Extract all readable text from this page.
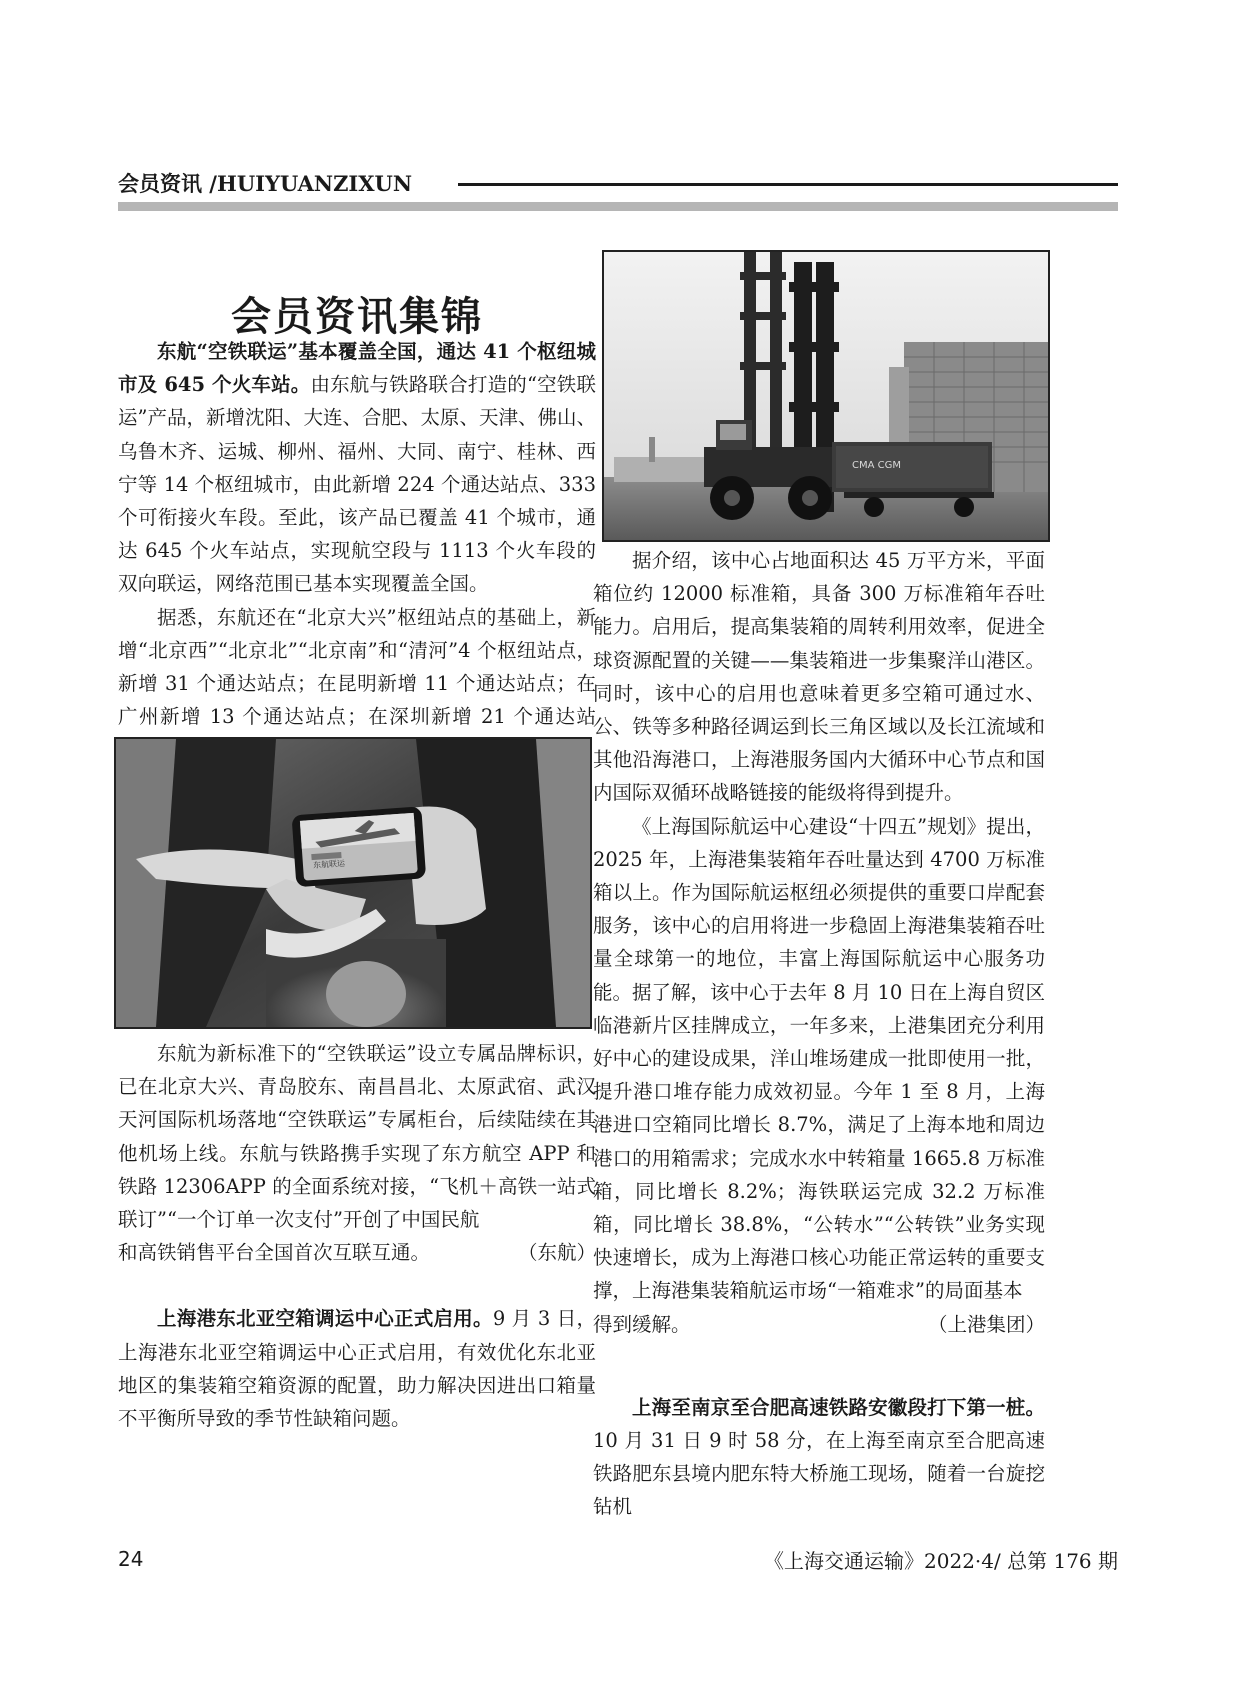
会员资讯 /HUIYUANZIXUN
会员资讯集锦

东航“空铁联运”基本覆盖全国，通达 41 个枢纽城市及 645 个火车站。由东航与铁路联合打造的“空铁联运”产品，新增沈阳、大连、合肥、太原、天津、佛山、乌鲁木齐、运城、柳州、福州、大同、南宁、桂林、西宁等 14 个枢纽城市，由此新增 224 个通达站点、333 个可衔接火车段。至此，该产品已覆盖 41 个城市，通达 645 个火车站点，实现航空段与 1113 个火车段的双向联运，网络范围已基本实现覆盖全国。

据悉，东航还在“北京大兴”枢纽站点的基础上，新增“北京西”“北京北”“北京南”和“清河”4 个枢纽站点，新增 31 个通达站点；在昆明新增 11 个通达站点；在广州新增 13 个通达站点；在深圳新增 21 个通达站

东航联运

东航为新标准下的“空铁联运”设立专属品牌标识，已在北京大兴、青岛胶东、南昌昌北、太原武宿、武汉天河国际机场落地“空铁联运”专属柜台，后续陆续在其他机场上线。东航与铁路携手实现了东方航空 APP 和铁路 12306APP 的全面系统对接，“飞机＋高铁一站式联订”“一个订单一次支付”开创了中国民航

和高铁销售平台全国首次互联互通。	（东航）

上海港东北亚空箱调运中心正式启用。9 月 3 日，上海港东北亚空箱调运中心正式启用，有效优化东北亚地区的集装箱空箱资源的配置，助力解决因进出口箱量不平衡所导致的季节性缺箱问题。

CMA CGM

据介绍，该中心占地面积达 45 万平方米，平面箱位约 12000 标准箱，具备 300 万标准箱年吞吐能力。启用后，提高集装箱的周转利用效率，促进全球资源配置的关键——集装箱进一步集聚洋山港区。同时，该中心的启用也意味着更多空箱可通过水、公、铁等多种路径调运到长三角区域以及长江流域和其他沿海港口，上海港服务国内大循环中心节点和国内国际双循环战略链接的能级将得到提升。

《上海国际航运中心建设“十四五”规划》提出，2025 年，上海港集装箱年吞吐量达到 4700 万标准箱以上。作为国际航运枢纽必须提供的重要口岸配套服务，该中心的启用将进一步稳固上海港集装箱吞吐量全球第一的地位，丰富上海国际航运中心服务功能。据了解，该中心于去年 8 月 10 日在上海自贸区临港新片区挂牌成立，一年多来，上港集团充分利用好中心的建设成果，洋山堆场建成一批即使用一批，提升港口堆存能力成效初显。今年 1 至 8 月，上海港进口空箱同比增长 8.7%，满足了上海本地和周边港口的用箱需求；完成水水中转箱量 1665.8 万标准箱，同比增长 8.2%；海铁联运完成 32.2 万标准箱，同比增长 38.8%，“公转水”“公转铁”业务实现快速增长，成为上海港口核心功能正常运转的重要支撑，上海港集装箱航运市场“一箱难求”的局面基本

得到缓解。	（上港集团）

上海至南京至合肥高速铁路安徽段打下第一桩。10 月 31 日 9 时 58 分，在上海至南京至合肥高速铁路肥东县境内肥东特大桥施工现场，随着一台旋挖钻机

24	《上海交通运输》2022·4/ 总第 176 期
